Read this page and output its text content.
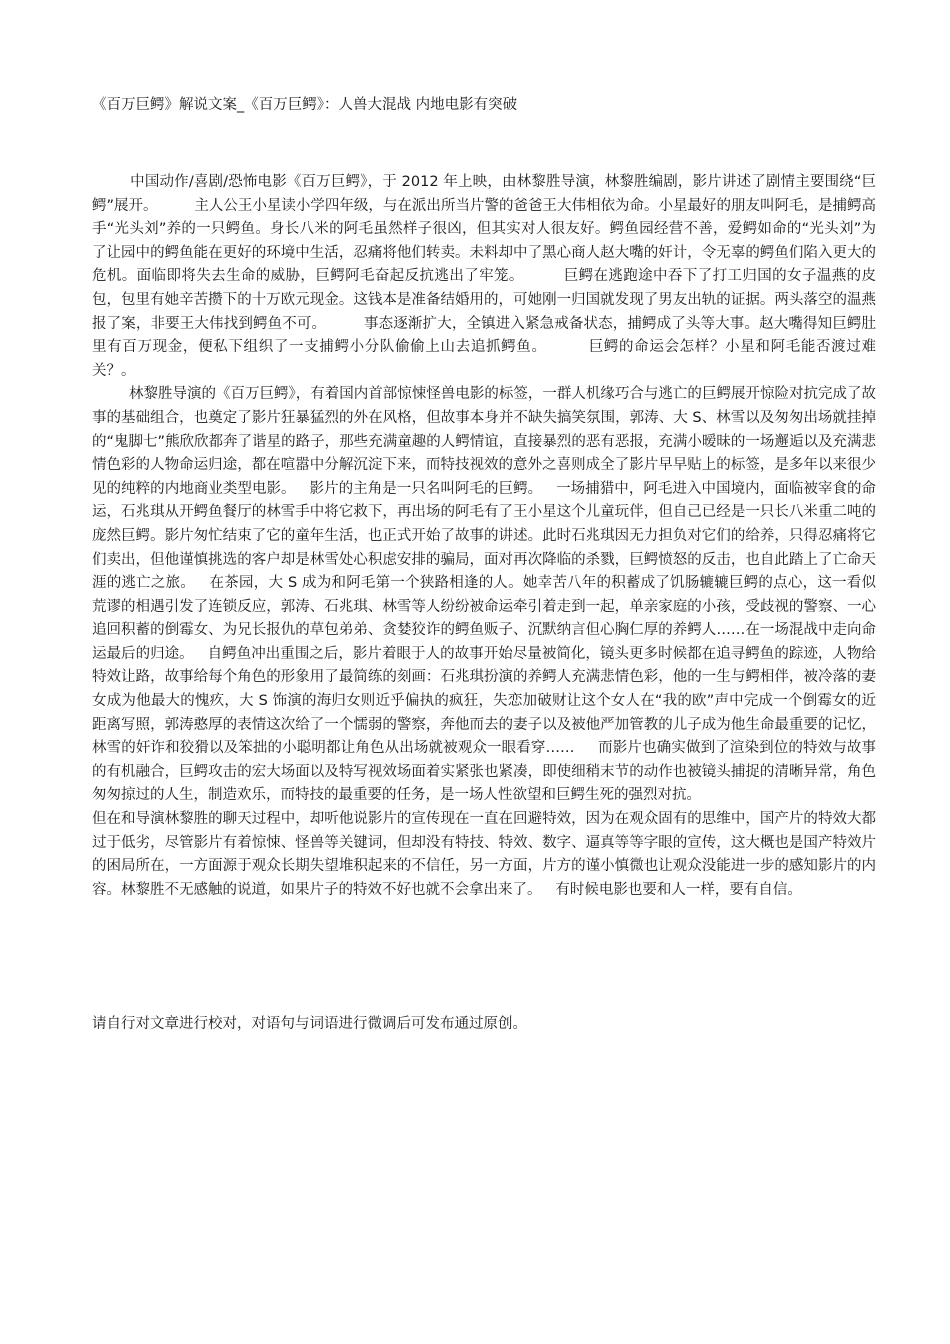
《百万巨鳄》解说文案_《百万巨鳄》：人兽大混战 内地电影有突破

中国动作/喜剧/恐怖电影《百万巨鳄》，于 2012 年上映，由林黎胜导演，林黎胜编剧，影片讲述了剧情主要围绕“巨鳄”展开。        主人公王小星读小学四年级，与在派出所当片警的爸爸王大伟相依为命。小星最好的朋友叫阿毛，是捕鳄高手“光头刘”养的一只鳄鱼。身长八米的阿毛虽然样子很凶，但其实对人很友好。鳄鱼园经营不善，爱鳄如命的“光头刘”为了让园中的鳄鱼能在更好的环境中生活，忍痛将他们转卖。未料却中了黑心商人赵大嘴的奸计，令无辜的鳄鱼们陷入更大的危机。面临即将失去生命的威胁，巨鳄阿毛奋起反抗逃出了牢笼。        巨鳄在逃跑途中吞下了打工归国的女子温燕的皮包，包里有她辛苦攒下的十万欧元现金。这钱本是准备结婚用的，可她刚一归国就发现了男友出轨的证据。两头落空的温燕报了案，非要王大伟找到鳄鱼不可。        事态逐渐扩大，全镇进入紧急戒备状态，捕鳄成了头等大事。赵大嘴得知巨鳄肚里有百万现金，便私下组织了一支捕鳄小分队偷偷上山去追抓鳄鱼。        巨鳄的命运会怎样？小星和阿毛能否渡过难关？。

林黎胜导演的《百万巨鳄》，有着国内首部惊悚怪兽电影的标签，一群人机缘巧合与逃亡的巨鳄展开惊险对抗完成了故事的基础组合，也奠定了影片狂暴猛烈的外在风格，但故事本身并不缺失搞笑氛围，郭涛、大 S、林雪以及匆匆出场就挂掉的“鬼脚七”熊欣欣都奔了谐星的路子，那些充满童趣的人鳄情谊，直接暴烈的恶有恶报，充满小暧昧的一场邂逅以及充满悲情色彩的人物命运归途，都在喧嚣中分解沉淀下来，而特技视效的意外之喜则成全了影片早早贴上的标签，是多年以来很少见的纯粹的内地商业类型电影。   影片的主角是一只名叫阿毛的巨鳄。   一场捕猎中，阿毛进入中国境内，面临被宰食的命运，石兆琪从开鳄鱼餐厅的林雪手中将它救下，再出场的阿毛有了王小星这个儿童玩伴，但自己已经是一只长八米重二吨的庞然巨鳄。影片匆忙结束了它的童年生活，也正式开始了故事的讲述。此时石兆琪因无力担负对它们的给养，只得忍痛将它们卖出，但他谨慎挑选的客户却是林雪处心积虑安排的骗局，面对再次降临的杀戮，巨鳄愤怒的反击，也自此踏上了亡命天涯的逃亡之旅。   在茶园，大 S 成为和阿毛第一个狭路相逢的人。她幸苦八年的积蓄成了饥肠辘辘巨鳄的点心，这一看似荒谬的相遇引发了连锁反应，郭涛、石兆琪、林雪等人纷纷被命运牵引着走到一起，单亲家庭的小孩，受歧视的警察、一心追回积蓄的倒霉女、为兄长报仇的草包弟弟、贪婪狡诈的鳄鱼贩子、沉默纳言但心胸仁厚的养鳄人……在一场混战中走向命运最后的归途。   自鳄鱼冲出重围之后，影片着眼于人的故事开始尽量被简化，镜头更多时候都在追寻鳄鱼的踪迹，人物给特效让路，故事给每个角色的形象用了最简练的刻画：石兆琪扮演的养鳄人充满悲情色彩，他的一生与鳄相伴，被冷落的妻女成为他最大的愧疚，大 S 饰演的海归女则近乎偏执的疯狂，失恋加破财让这个女人在“我的欧”声中完成一个倒霉女的近距离写照，郭涛憨厚的表情这次给了一个懦弱的警察，奔他而去的妻子以及被他严加管教的儿子成为他生命最重要的记忆，林雪的奸诈和狡猾以及笨拙的小聪明都让角色从出场就被观众一眼看穿……     而影片也确实做到了渲染到位的特效与故事的有机融合，巨鳄攻击的宏大场面以及特写视效场面着实紧张也紧凑，即使细稍末节的动作也被镜头捕捉的清晰异常，角色匆匆掠过的人生，制造欢乐，而特技的最重要的任务，是一场人性欲望和巨鳄生死的强烈对抗。

但在和导演林黎胜的聊天过程中，却听他说影片的宣传现在一直在回避特效，因为在观众固有的思维中，国产片的特效大都过于低劣，尽管影片有着惊悚、怪兽等关键词，但却没有特技、特效、数字、逼真等等字眼的宣传，这大概也是国产特效片的困局所在，一方面源于观众长期失望堆积起来的不信任，另一方面，片方的谨小慎微也让观众没能进一步的感知影片的内容。林黎胜不无感触的说道，如果片子的特效不好也就不会拿出来了。   有时候电影也要和人一样，要有自信。

请自行对文章进行校对，对语句与词语进行微调后可发布通过原创。
